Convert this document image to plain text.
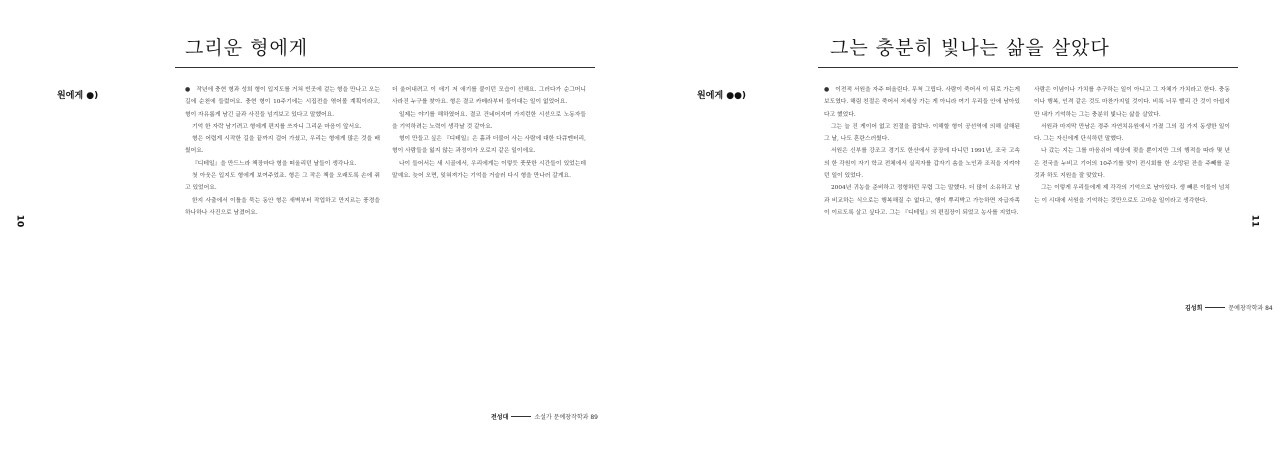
그리운 형에게
원에게 ●)
10

● 작년에 충현 형과 성희 형이 입지도를 거쳐 빈곳에 겉는 형을 만나고 오는 길에 순천에 들렀어요. 충현 형이 10주기에는 시집전을 엮어볼 계획이라고, 형이 자유롭게 남긴 글과 사진들 넘겨보고 있다고 말했어요.

기억 한 자락 남기려고 형에게 편지를 쓰자니 그리운 마음이 앞서요.

형은 어렵게 시작한 길을 끝까지 걸어 가셨고, 우리는 형에게 많은 것을 배웠어요.

『디테일』을 만드느라 책장마다 형을 떠올리던 날들이 생각나요.

첫 아웃은 입지도 형에게 보여주었죠. 형은 그 작은 책을 오래도록 손에 쥐고 있었어요.

한지 사출에서 이틀을 묵는 동안 형은 새벽부터 작업하고 만지르는 풍경을 하나하나 사진으로 남겼어요.

더 울어내려고 이 애기 저 애기를 붙이던 모습이 선해요. 그러다가 순그머니 사라진 누구를 찾아요. 형은 결코 카메라부터 들이대는 일이 없었어요.

일제는 야기를 해하였어요. 결코 건네어지며 가지런한 시선으로 노동자들을 기억하려는 노력이 생각날 것 같아요.

형이 만들고 싶은 『디테일』은 흙과 더불어 사는 사람에 대한 다큐멘터리, 형이 사람들을 잃지 않는 과정이자 오로지 같은 일이에요.

나이 들어서는 새 시골에서, 우리에게는 이렇듯 풋풋한 시간들이 있었는데 말예요. 늦어 오면, 잊혀져가는 기억을 거슬러 다시 형을 만나러 갈게요.

전성대	소설가 문예창작학과 89
그는 충분히 빛나는 삶을 살았다
원에게 ●●)
11

● 이전적 서원을 자주 떠올린다. 무척 그립다. 사람이 죽어서 이 뒤로 가는게 보도였다. 해림 친절은 죽어서 저세상 가는 게 아니라 여기 우리들 안에 남아있다고 했었다.

그는 늘 진 게이어 없고 친절을 잡았다. 이해할 형이 공선역에 의해 살해된 그 날, 나도 혼란스러웠다.

서원은 신부를 강조고 경기도 한산에서 공장에 다니던 1991년, 조국 고속의 한 각원이 자기 학교 전체에서 실직자를 갑자기 솜을 노인과 조직을 지켜야던 일이 있었다.

2004년 귀농을 준비하고 정형하던 무렵 그는 말했다. 더 많이 소유하고 남과 비교하는 식으로는 행복해질 수 없다고, 행이 뿌리박고 가능하면 자급자족이 이르도록 살고 싶다고. 그는 『디테일』의 편집장이 되었고 농사를 지었다.

사람은 이념이나 가치를 추구하는 일이 아니고 그 자체가 가치라고 한다. 충동이나 행복, 인격 같은 것도 마찬가지일 것이다. 비록 너무 빨리 간 것이 아쉽지만 내가 기억하는 그는 충분히 빛나는 삶을 살았다.

서원과 마지막 만남은 경주 자연치유원에서 가졌 그의 집 가지 동생한 일이다. 그는 자신에게 단식하던 말했다.

나 갔는 지는 그를 마음쉬어 예상에 젖을 뿐이지만 그의 행적을 따라 몇 년은 전국을 누비고 기어의 10주기를 맞이 전시회를 한 소망된 잔을 주빼를 문 것과 하도 지원을 잘 맞았다.

그는 이렇게 우리들에게 제 각각의 기억으로 남아있다. 생 빼른 이들이 넘치는 이 시대에 서원을 기억하는 것만으로도 고마운 일이라고 생각한다.

김성희	문예창작학과 84
